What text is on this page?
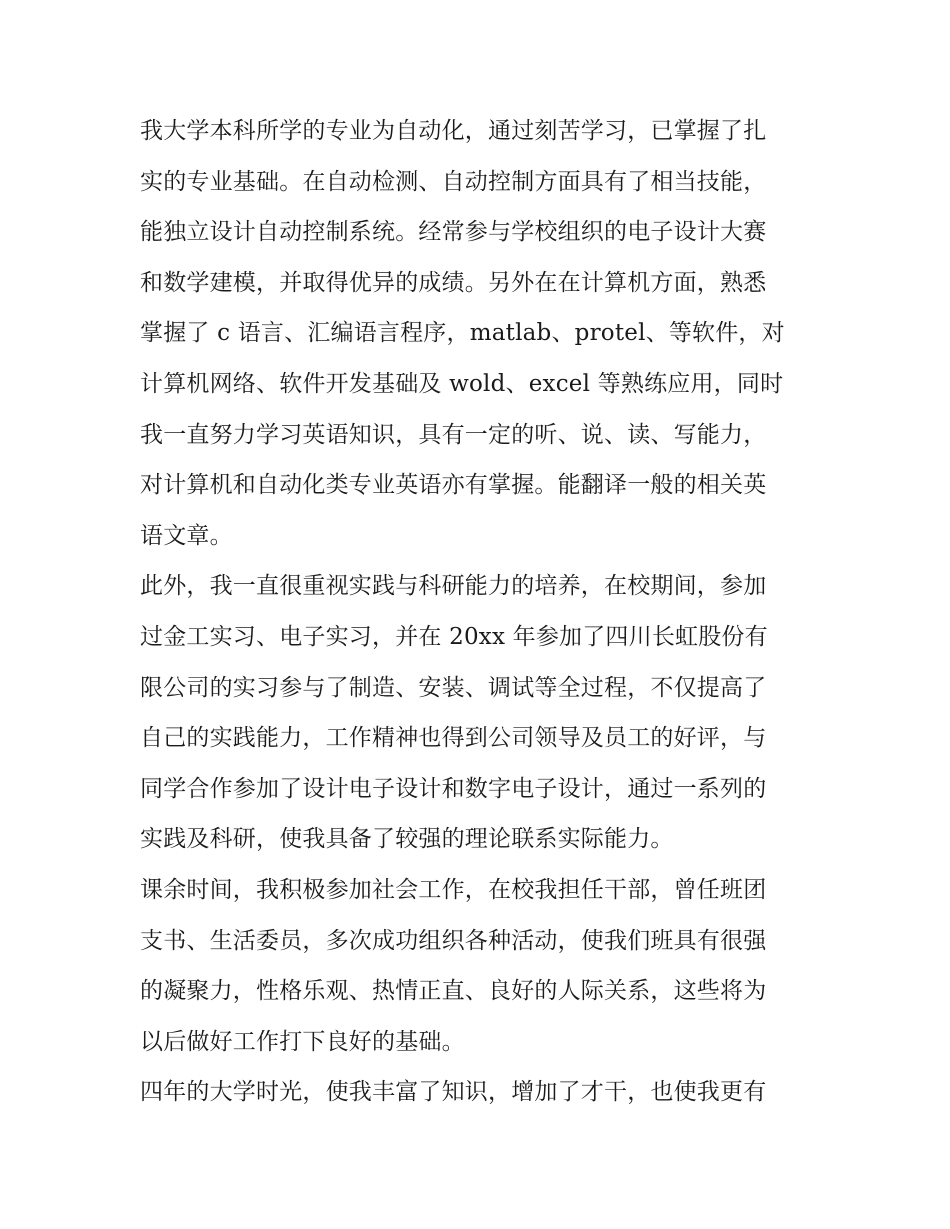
我大学本科所学的专业为自动化，通过刻苦学习，已掌握了扎
实的专业基础。在自动检测、自动控制方面具有了相当技能，
能独立设计自动控制系统。经常参与学校组织的电子设计大赛
和数学建模，并取得优异的成绩。另外在在计算机方面，熟悉
掌握了 c 语言、汇编语言程序，matlab、protel、等软件，对
计算机网络、软件开发基础及 wold、excel 等熟练应用，同时
我一直努力学习英语知识，具有一定的听、说、读、写能力，
对计算机和自动化类专业英语亦有掌握。能翻译一般的相关英
语文章。
此外，我一直很重视实践与科研能力的培养，在校期间，参加
过金工实习、电子实习，并在 20xx 年参加了四川长虹股份有
限公司的实习参与了制造、安装、调试等全过程，不仅提高了
自己的实践能力，工作精神也得到公司领导及员工的好评，与
同学合作参加了设计电子设计和数字电子设计，通过一系列的
实践及科研，使我具备了较强的理论联系实际能力。
课余时间，我积极参加社会工作，在校我担任干部，曾任班团
支书、生活委员，多次成功组织各种活动，使我们班具有很强
的凝聚力，性格乐观、热情正直、良好的人际关系，这些将为
以后做好工作打下良好的基础。
四年的大学时光，使我丰富了知识，增加了才干，也使我更有
